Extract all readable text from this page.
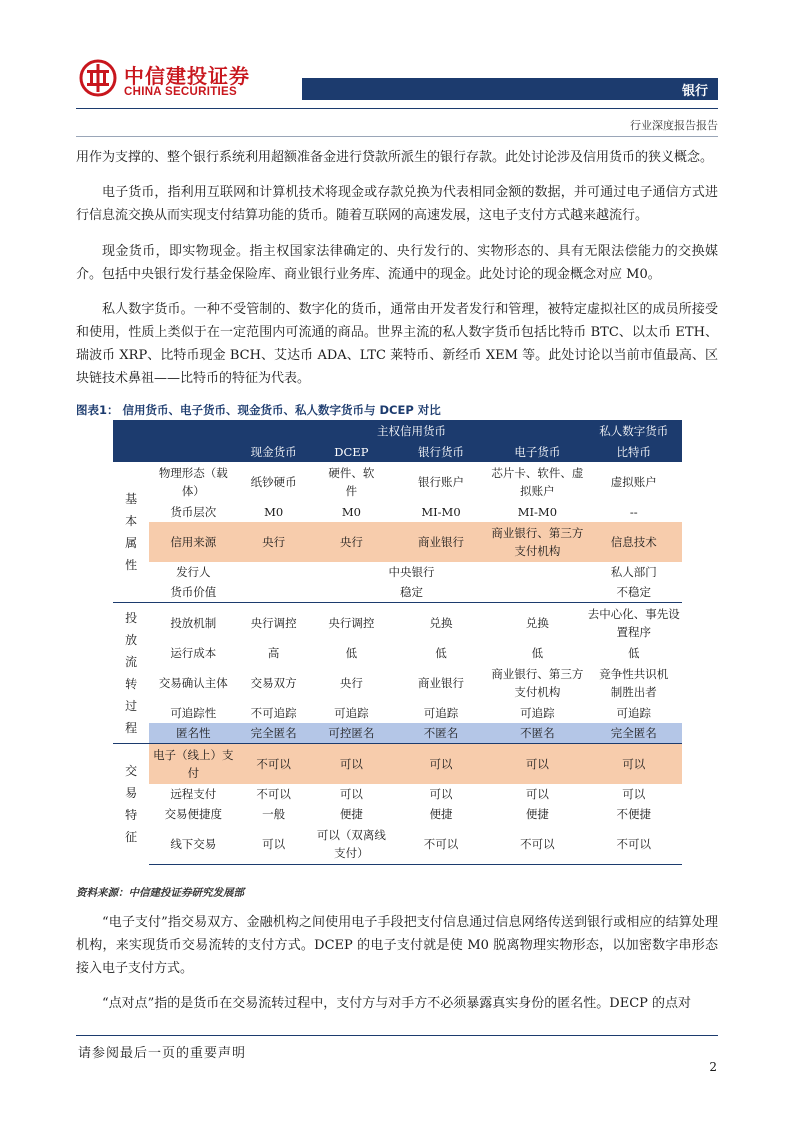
中信建投证券
CHINA SECURITIES	银行
行业深度报告报告

用作为支撑的、整个银行系统利用超额准备金进行贷款所派生的银行存款。此处讨论涉及信用货币的狭义概念。

电子货币，指利用互联网和计算机技术将现金或存款兑换为代表相同金额的数据，并可通过电子通信方式进行信息流交换从而实现支付结算功能的货币。随着互联网的高速发展，这电子支付方式越来越流行。

现金货币，即实物现金。指主权国家法律确定的、央行发行的、实物形态的、具有无限法偿能力的交换媒介。包括中央银行发行基金保险库、商业银行业务库、流通中的现金。此处讨论的现金概念对应 M0。

私人数字货币。一种不受管制的、数字化的货币，通常由开发者发行和管理，被特定虚拟社区的成员所接受和使用，性质上类似于在一定范围内可流通的商品。世界主流的私人数字货币包括比特币 BTC、以太币 ETH、瑞波币 XRP、比特币现金 BCH、艾达币 ADA、LTC 莱特币、新经币 XEM 等。此处讨论以当前市值最高、区块链技术鼻祖——比特币的特征为代表。

图表1： 信用货币、电子货币、现金货币、私人数字货币与 DCEP 对比
		主权信用货币				私人数字货币
		现金货币	DCEP	银行货币	电子货币	比特币
基本属性	物理形态（载体）	纸钞硬币	硬件、软件	银行账户	芯片卡、软件、虚拟账户	虚拟账户
	货币层次	M0	M0	MI-M0	MI-M0	--
	信用来源	央行	央行	商业银行	商业银行、第三方支付机构	信息技术
	发行人	中央银行				私人部门
	货币价值	稳定				不稳定
投放流转过程	投放机制	央行调控	央行调控	兑换	兑换	去中心化、事先设置程序
	运行成本	高	低	低	低	低
	交易确认主体	交易双方	央行	商业银行	商业银行、第三方支付机构	竞争性共识机制胜出者
	可追踪性	不可追踪	可追踪	可追踪	可追踪	可追踪
	匿名性	完全匿名	可控匿名	不匿名	不匿名	完全匿名
交易特征	电子（线上）支付	不可以	可以	可以	可以	可以
	远程支付	不可以	可以	可以	可以	可以
	交易便捷度	一般	便捷	便捷	便捷	不便捷
	线下交易	可以	可以（双离线支付）	不可以	不可以	不可以
资料来源：中信建投证券研究发展部

“电子支付”指交易双方、金融机构之间使用电子手段把支付信息通过信息网络传送到银行或相应的结算处理机构，来实现货币交易流转的支付方式。DCEP 的电子支付就是使 M0 脱离物理实物形态，以加密数字串形态接入电子支付方式。

“点对点”指的是货币在交易流转过程中，支付方与对手方不必须暴露真实身份的匿名性。DECP 的点对

请参阅最后一页的重要声明
2
